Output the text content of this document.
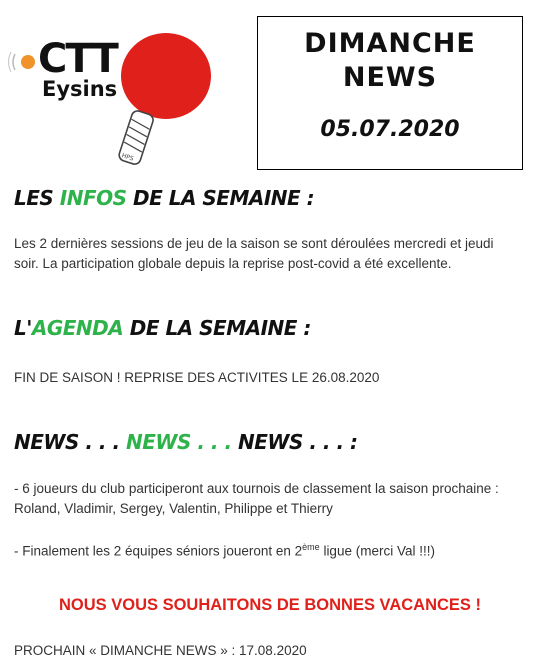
HPS
CTT
Eysins
DIMANCHE
NEWS
05.07.2020
LES INFOS DE LA SEMAINE :
Les 2 dernières sessions de jeu de la saison se sont déroulées mercredi et jeudi soir. La participation globale depuis la reprise post-covid a été excellente.
L'AGENDA DE LA SEMAINE :
FIN DE SAISON ! REPRISE DES ACTIVITES LE 26.08.2020
NEWS . . . NEWS . . . NEWS . . . :
- 6 joueurs du club participeront aux tournois de classement la saison prochaine : Roland, Vladimir, Sergey, Valentin, Philippe et Thierry
- Finalement les 2 équipes séniors joueront en 2ème ligue (merci Val !!!)
NOUS VOUS SOUHAITONS DE BONNES VACANCES !
PROCHAIN « DIMANCHE NEWS » : 17.08.2020
